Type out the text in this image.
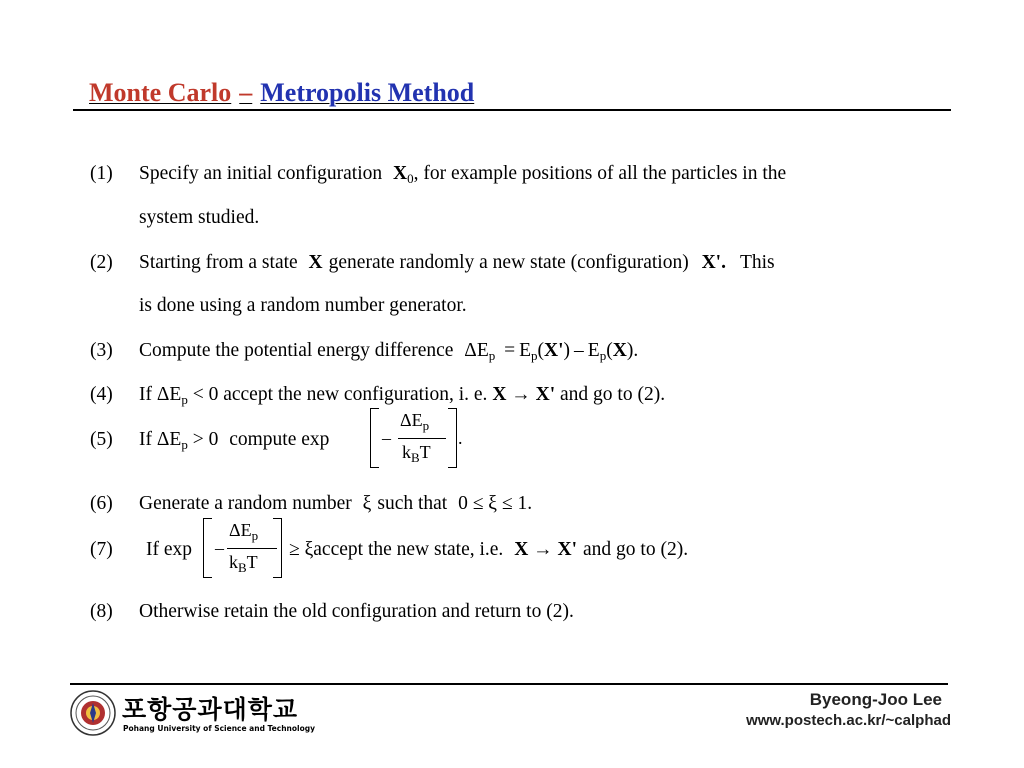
Monte Carlo – Metropolis Method
(1) Specify an initial configuration $X_0$, for example positions of all the particles in the
system studied.
(2) Starting from a state X generate randomly a new state (configuration) X'. This
is done using a random number generator.
(3) Compute the potential energy difference $\Delta E_p = E_p(X') - E_p(X)$.
(4) If $\Delta E_p < 0$ accept the new configuration, i. e. X → X' and go to (2).
(5) If $\Delta E_p > 0$ compute exp	–
$\Delta E_p$
$k_BT$
.
(6) Generate a random number ξ such that 0 ≤ ξ ≤ 1.
(7) If exp –
$\Delta E_p$
$k_BT$
≥ ξaccept the new state, i.e. X → X' and go to (2).
(8) Otherwise retain the old configuration and return to (2).
포항공과대학교
Pohang University of Science and Technology
Byeong-Joo Lee
www.postech.ac.kr/~calphad
